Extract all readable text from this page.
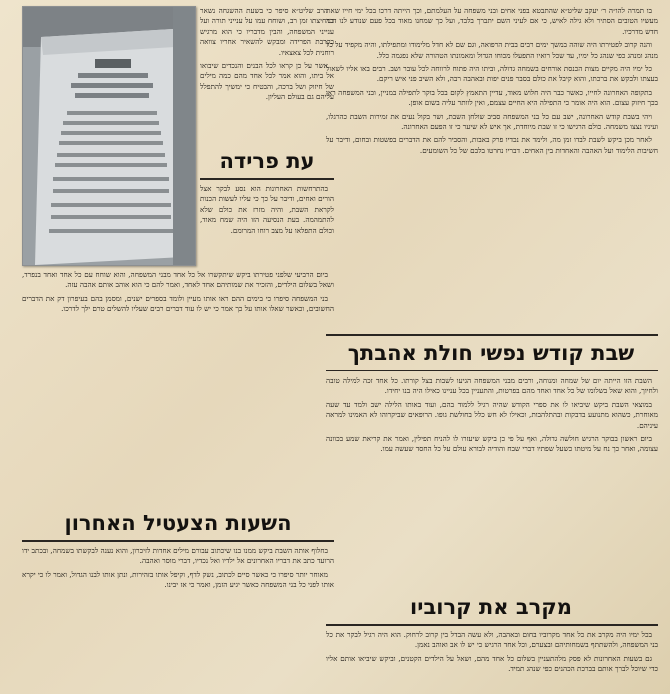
בו תמרה להו״ה ר׳ יעקב שליט״א שהתבטא בפני אחים ובני משפחה על העלמתם, וכך הייתה דרכו בכל ימי חייו שאת מעשיו הטובים הסתיר ולא גילה לאיש, כי אם לעיני השם יתברך בלבד, ועל כך שמחנו מאוד בכל פעם שנודע לנו דבר חדש מדרכיו.

והנה קרוב לפטירתו היה שוהה במשך ימים רבים בבית הרפואה, וגם שם לא חדל מלימודו ומתפילתו, והיה מקפיד על כל מנהג ומנהג כפי שנהג כל ימיו, עד שכל רואיו התפעלו מכוחו הגדול ומאמונתו הטהורה שלא נפגמה כלל.

כל ימיו היה מקיים מצות הכנסת אורחים בשמחה גדולה, וביתו היה פתוח לרווחה לכל עובר ושב. רבים באו אליו לשאול בעצתו ולבקש את ברכתו, והוא קיבל את כולם בסבר פנים יפות ובאהבה רבה, ולא השיב פני איש ריקם.

בתקופה האחרונה לחייו, כאשר כבר היה חלוש מאוד, עדיין התאמץ לקום בכל בוקר לתפילה במניין, ובני המשפחה ראו בכך חיזוק עצום. הוא היה אומר כי התפילה היא החיים עצמם, ואין לוותר עליה בשום אופן.

ויהי בשבת קודש האחרונה, ישב עם כל בני המשפחה סביב שולחן השבת, ושר בקול נעים את זמירות השבת כהרגלו, ועיניו נצצו משמחה. כולם הרגישו כי זו שבת מיוחדת, אך איש לא שיער כי זו הפעם האחרונה.

לאחר מכן ביקש לשבת לבדו זמן מה, ולימד את נכדיו פרק באבות, והסביר להם את הדברים בפשטות ובחום, ודיבר על חשיבות הלימוד ועל האהבה והאחדות בין האחים. דבריו נחרטו בלבם של כל השומעים.

שבת קודש נפשי חולת אהבתך

השבת הזו הייתה יום של שמחה ומנוחה, ורבים מבני המשפחה הגיעו לשבות בצל קורתו. כל אחד זכה למילה טובה ולחיוך, והוא שאל בשלומו של כל אחד ואחד מהם בפרטות, והתעניין בכל עניינו כאילו היה בנו יחידו.

במוצאי השבת ביקש שיביאו לו את ספרי הקודש שהיה רגיל ללמוד בהם, ועוד באותו הלילה ישב ולמד עד שעה מאוחרת, כשהוא מתנועע בדבקות ובהתלהבות, וכאילו לא חש כלל בחולשת גופו. הרופאים שביקרוהו לא האמינו למראה עיניהם.

ביום ראשון בבוקר הרגיש חולשה גדולה, ואף על פי כן ביקש שיעזרו לו להניח תפילין, ואמר את קריאת שמע בכוונה עצומה, ואחר כך נח על מיטתו כשעל שפתיו דברי שבח והודיה לבורא עולם על כל החסד שעשה עמו.

מקרב את קרוביו

בכל ימיו היה מקרב את כל אחד מקרוביו בחום ובאהבה, ולא עשה הבדל בין קרוב לרחוק. הוא היה רגיל לבקר את כל בני המשפחה, ולהשתתף בשמחותיהם ובצערם, וכל אחד הרגיש כי יש לו אב ואוהב נאמן.

גם בשעות האחרונות לא פסק מלהתעניין בשלום כל אחד מהם, ושאל על הילדים הקטנים, וביקש שיביאו אותם אליו כדי שיוכל לברך אותם בברכת הכהנים כפי שנהג תמיד.

הרב שליט״א סיפר כי בשעת ההשגחה נשאר במחיצתו זמן רב, ושוחח עמו על ענייני תורה ועל ענייני המשפחה, והבין מדבריו כי הוא מרגיש בקרבת הפרידה ומבקש להשאיר אחריו צוואה רוחנית לכל צאצאיו.

אשר על כן קראו לכל הבנים והנכדים שיבואו אל ביתו, והוא אמר לכל אחד מהם כמה מילים של חיזוק ושל ברכה, והבטיח כי ימשיך להתפלל עליהם גם בעולם העליון.

עת פרידה

בהתרחשות האחרונות הוא נסע לבקר אצל הורים ואחים, ודיבר על כך כי עליו לעשות הכנות לקראת השבת, והיה מזרז את כולם שלא להתמהמה. בעת הנסיעה הזו היה שמח מאוד, וכולם התפלאו על מצב רוחו המרומם.

ביום הרביעי שלפני פטירתו ביקש שיתקשרו אל כל אחד מבני המשפחה, והוא שוחח עם כל אחד ואחד בנפרד, ושאל בשלום הילדים, והזכיר את שמותיהם אחד לאחד, ואמר להם כי הוא אוהב אותם אהבה עזה.

בני המשפחה סיפרו כי בימים ההם ראו אותו מעיין ולומד בספרים ישנים, ומסמן בהם בעיפרון דק את הדברים החשובים, וכאשר שאלו אותו על כך אמר כי יש לו עוד דברים רבים שעליו להשלים טרם ילך לדרכו.

השעות הצעטיל האחרון

בחלוף אותה השבת ביקש ממנו בנו שיכתוב עבורם מילים אחדות לזיכרון, והוא נענה לבקשתו בשמחה, ובכתב ידו הרועד כתב את דבריו האחרונים אל ילדיו ואל נכדיו, דברי מוסר ואהבה.

מאוחר יותר סיפרו כי כאשר סיים לכתוב, נשק לדף, וקיפל אותו בזהירות, ונתן אותו לבנו הגדול, ואמר לו כי יקרא אותו לפני כל בני המשפחה כאשר יגיע הזמן, ואמר כי אז יבינו.
